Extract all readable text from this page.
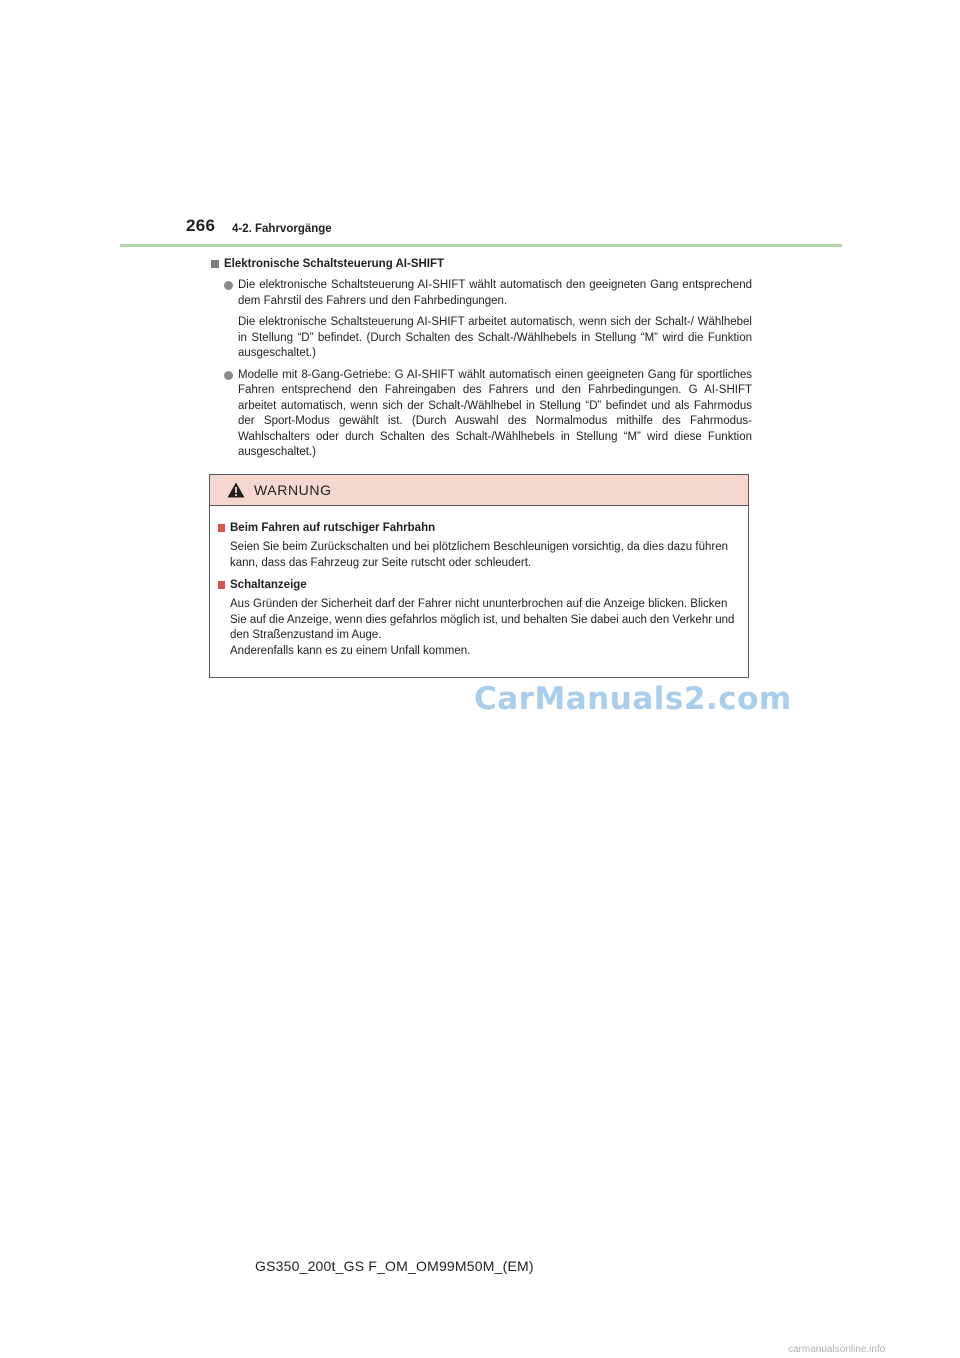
266 4-2. Fahrvorgänge
Elektronische Schaltsteuerung AI-SHIFT

Die elektronische Schaltsteuerung AI-SHIFT wählt automatisch den geeigneten Gang entsprechend dem Fahrstil des Fahrers und den Fahrbedingungen.

Die elektronische Schaltsteuerung AI-SHIFT arbeitet automatisch, wenn sich der Schalt-/ Wählhebel in Stellung “D” befindet. (Durch Schalten des Schalt-/Wählhebels in Stellung “M” wird die Funktion ausgeschaltet.)

Modelle mit 8-Gang-Getriebe: G AI-SHIFT wählt automatisch einen geeigneten Gang für sportliches Fahren entsprechend den Fahreingaben des Fahrers und den Fahrbedingungen. G AI-SHIFT arbeitet automatisch, wenn sich der Schalt-/Wählhebel in Stellung “D” befindet und als Fahrmodus der Sport-Modus gewählt ist. (Durch Auswahl des Normalmodus mithilfe des Fahrmodus-Wahlschalters oder durch Schalten des Schalt-/Wählhebels in Stellung “M” wird diese Funktion ausgeschaltet.)

WARNUNG
Beim Fahren auf rutschiger Fahrbahn
Seien Sie beim Zurückschalten und bei plötzlichem Beschleunigen vorsichtig, da dies dazu führen kann, dass das Fahrzeug zur Seite rutscht oder schleudert.
Schaltanzeige
Aus Gründen der Sicherheit darf der Fahrer nicht ununterbrochen auf die Anzeige blicken. Blicken Sie auf die Anzeige, wenn dies gefahrlos möglich ist, und behalten Sie dabei auch den Verkehr und den Straßenzustand im Auge.
Anderenfalls kann es zu einem Unfall kommen.
CarManuals2.com
GS350_200t_GS F_OM_OM99M50M_(EM)
carmanualsonline.info
